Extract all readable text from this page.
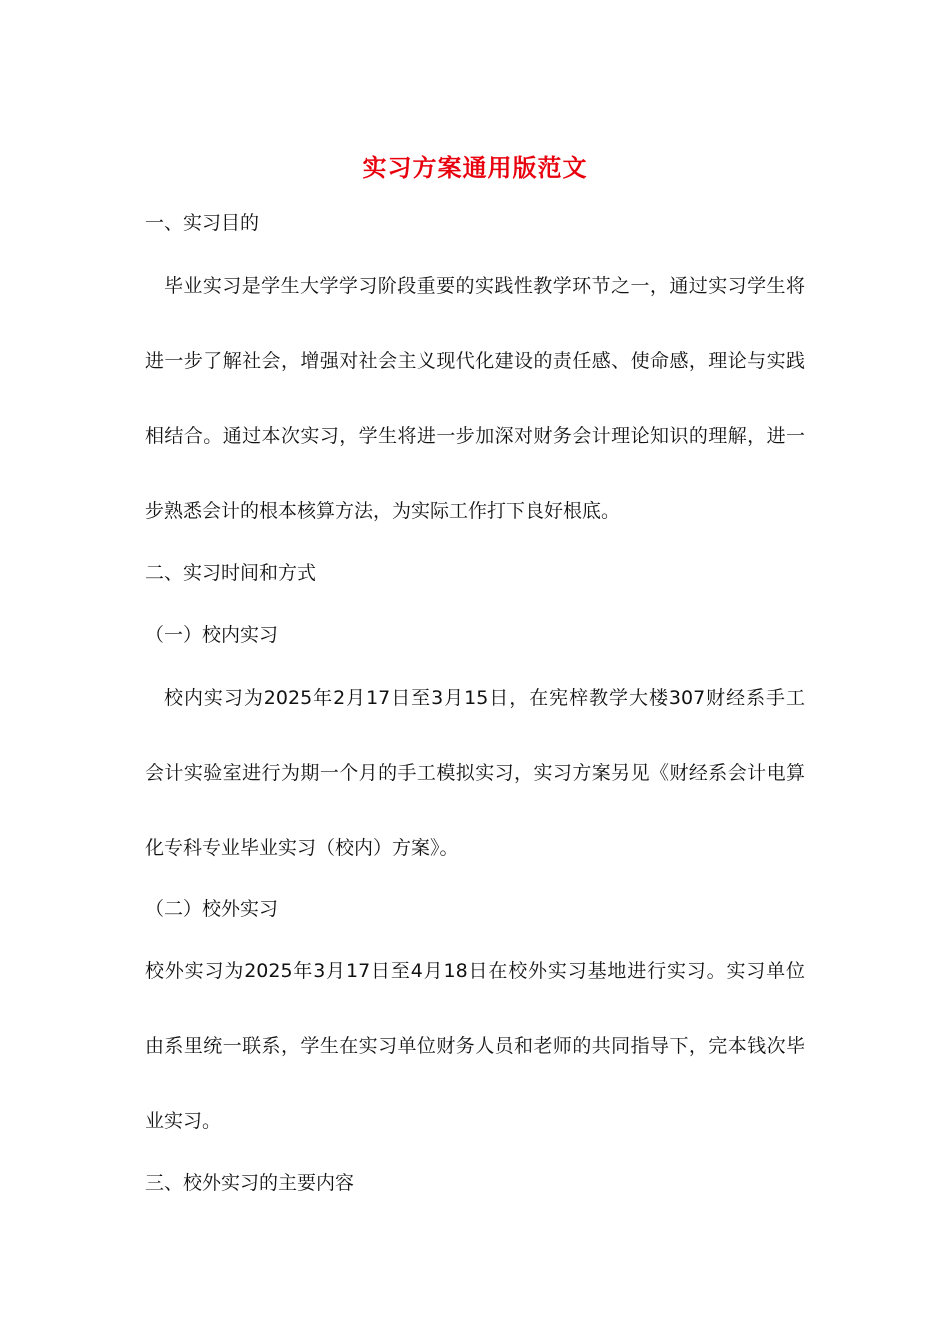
实习方案通用版范文
一、实习目的
毕业实习是学生大学学习阶段重要的实践性教学环节之一，通过实习学生将
进一步了解社会，增强对社会主义现代化建设的责任感、使命感，理论与实践
相结合。通过本次实习，学生将进一步加深对财务会计理论知识的理解，进一
步熟悉会计的根本核算方法，为实际工作打下良好根底。
二、实习时间和方式
（一）校内实习
校内实习为2025年2月17日至3月15日，在宪梓教学大楼307财经系手工
会计实验室进行为期一个月的手工模拟实习，实习方案另见《财经系会计电算
化专科专业毕业实习（校内）方案》。
（二）校外实习
校外实习为2025年3月17日至4月18日在校外实习基地进行实习。实习单位
由系里统一联系，学生在实习单位财务人员和老师的共同指导下，完本钱次毕
业实习。
三、校外实习的主要内容
